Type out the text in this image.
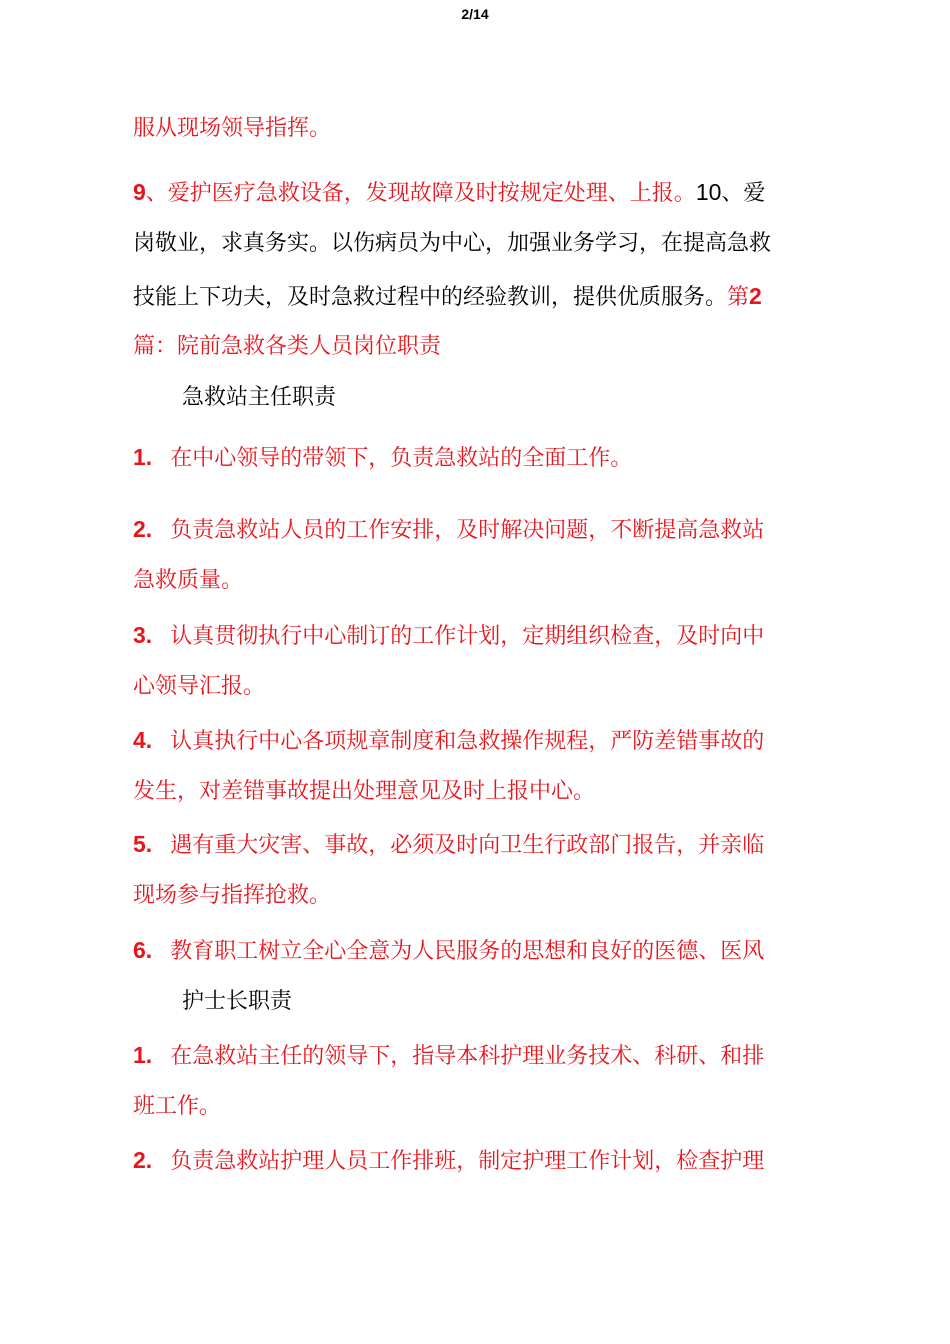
2/14
服从现场领导指挥。
9、爱护医疗急救设备，发现故障及时按规定处理、上报。10、爱
岗敬业，求真务实。以伤病员为中心，加强业务学习，在提高急救
技能上下功夫，及时急救过程中的经验教训，提供优质服务。第2
篇：院前急救各类人员岗位职责
急救站主任职责
1. 在中心领导的带领下，负责急救站的全面工作。
2. 负责急救站人员的工作安排，及时解决问题，不断提高急救站
急救质量。
3. 认真贯彻执行中心制订的工作计划，定期组织检查，及时向中
心领导汇报。
4. 认真执行中心各项规章制度和急救操作规程，严防差错事故的
发生，对差错事故提出处理意见及时上报中心。
5. 遇有重大灾害、事故，必须及时向卫生行政部门报告，并亲临
现场参与指挥抢救。
6. 教育职工树立全心全意为人民服务的思想和良好的医德、医风
护士长职责
1. 在急救站主任的领导下，指导本科护理业务技术、科研、和排
班工作。
2. 负责急救站护理人员工作排班，制定护理工作计划，检查护理
